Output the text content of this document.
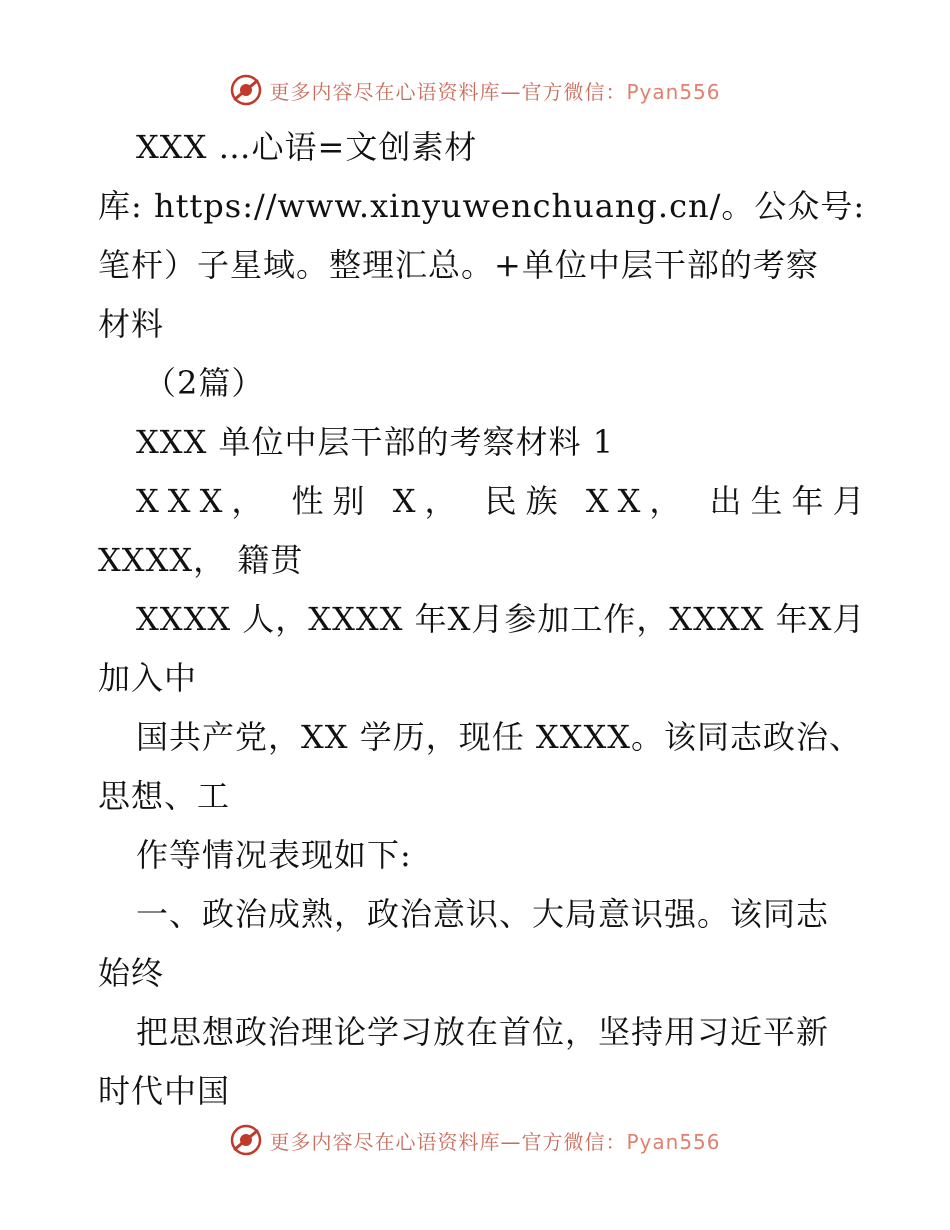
更多内容尽在心语资料库—官方微信：Pyan556
XXX …心语=文创素材
库: https://www.xinyuwenchuang.cn/。公众号:
笔杆）子星域。整理汇总。+单位中层干部的考察
材料
（2篇）
XXX 单位中层干部的考察材料 1
XXX， 性别 X， 民族 XX， 出生年月
XXXX， 籍贯
XXXX 人，XXXX 年X月参加工作，XXXX 年X月
加入中
国共产党，XX 学历，现任 XXXX。该同志政治、
思想、工
作等情况表现如下:
一、政治成熟，政治意识、大局意识强。该同志
始终
把思想政治理论学习放在首位，坚持用习近平新
时代中国
更多内容尽在心语资料库—官方微信：Pyan556
